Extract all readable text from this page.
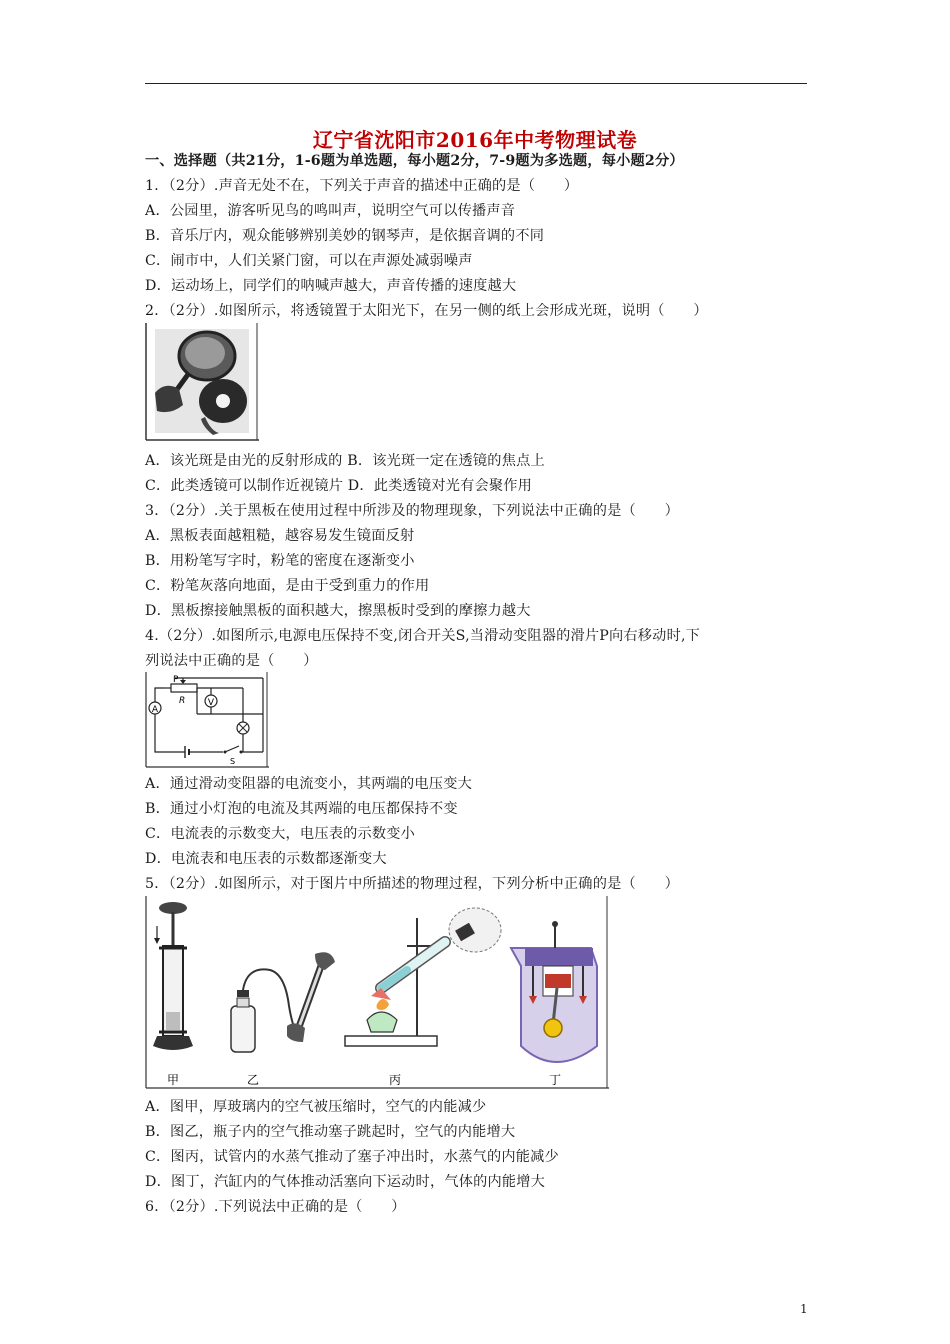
辽宁省沈阳市2016年中考物理试卷
一、选择题（共21分，1-6题为单选题，每小题2分，7-9题为多选题，每小题2分）
1．（2分）.声音无处不在，下列关于声音的描述中正确的是（　　）
A．公园里，游客听见鸟的鸣叫声，说明空气可以传播声音
B．音乐厅内，观众能够辨别美妙的钢琴声，是依据音调的不同
C．闹市中，人们关紧门窗，可以在声源处减弱噪声
D．运动场上，同学们的呐喊声越大，声音传播的速度越大
2．（2分）.如图所示，将透镜置于太阳光下，在另一侧的纸上会形成光斑，说明（　　）
A．该光斑是由光的反射形成的 B．该光斑一定在透镜的焦点上
C．此类透镜可以制作近视镜片 D．此类透镜对光有会聚作用
3．（2分）.关于黑板在使用过程中所涉及的物理现象，下列说法中正确的是（　　）
A．黑板表面越粗糙，越容易发生镜面反射
B．用粉笔写字时，粉笔的密度在逐渐变小
C．粉笔灰落向地面，是由于受到重力的作用
D．黑板擦接触黑板的面积越大，擦黑板时受到的摩擦力越大
4.（2分）.如图所示,电源电压保持不变,闭合开关S,当滑动变阻器的滑片P向右移动时,下
列说法中正确的是（　　）
A
P
R	V
S
A．通过滑动变阻器的电流变小，其两端的电压变大
B．通过小灯泡的电流及其两端的电压都保持不变
C．电流表的示数变大，电压表的示数变小
D．电流表和电压表的示数都逐渐变大
5．（2分）.如图所示，对于图片中所描述的物理过程，下列分析中正确的是（　　）
甲	乙	丙	丁
A．图甲，厚玻璃内的空气被压缩时，空气的内能减少
B．图乙，瓶子内的空气推动塞子跳起时，空气的内能增大
C．图丙，试管内的水蒸气推动了塞子冲出时，水蒸气的内能减少
D．图丁，汽缸内的气体推动活塞向下运动时，气体的内能增大
6．（2分）.下列说法中正确的是（　　）
1
